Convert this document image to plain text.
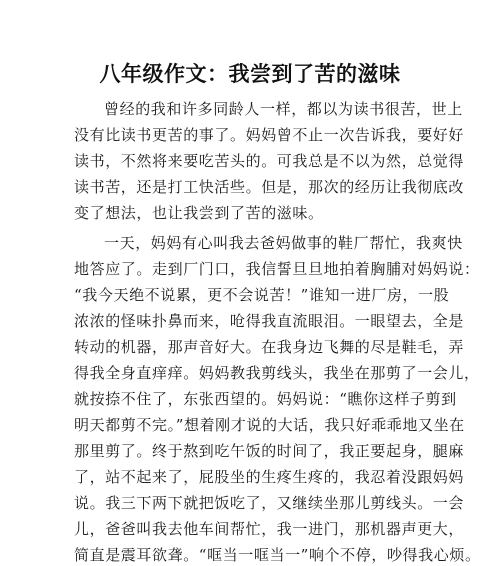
八年级作文：我尝到了苦的滋味
曾经的我和许多同龄人一样，都以为读书很苦，世上
没有比读书更苦的事了。妈妈曾不止一次告诉我，要好好
读书，不然将来要吃苦头的。可我总是不以为然，总觉得
读书苦，还是打工快活些。但是，那次的经历让我彻底改
变了想法，也让我尝到了苦的滋味。
一天，妈妈有心叫我去爸妈做事的鞋厂帮忙，我爽快
地答应了。走到厂门口，我信誓旦旦地拍着胸脯对妈妈说：
“我今天绝不说累，更不会说苦！”谁知一进厂房，一股
浓浓的怪味扑鼻而来，呛得我直流眼泪。一眼望去，全是
转动的机器，那声音好大。在我身边飞舞的尽是鞋毛，弄
得我全身直痒痒。妈妈教我剪线头，我坐在那剪了一会儿，
就按捺不住了，东张西望的。妈妈说：“瞧你这样子剪到
明天都剪不完。”想着刚才说的大话，我只好乖乖地又坐在
那里剪了。终于熬到吃午饭的时间了，我正要起身，腿麻
了，站不起来了，屁股坐的生疼生疼的，我忍着没跟妈妈
说。我三下两下就把饭吃了，又继续坐那儿剪线头。一会
儿，爸爸叫我去他车间帮忙，我一进门，那机器声更大，
简直是震耳欲聋。“哐当一哐当一”响个不停，吵得我心烦。
